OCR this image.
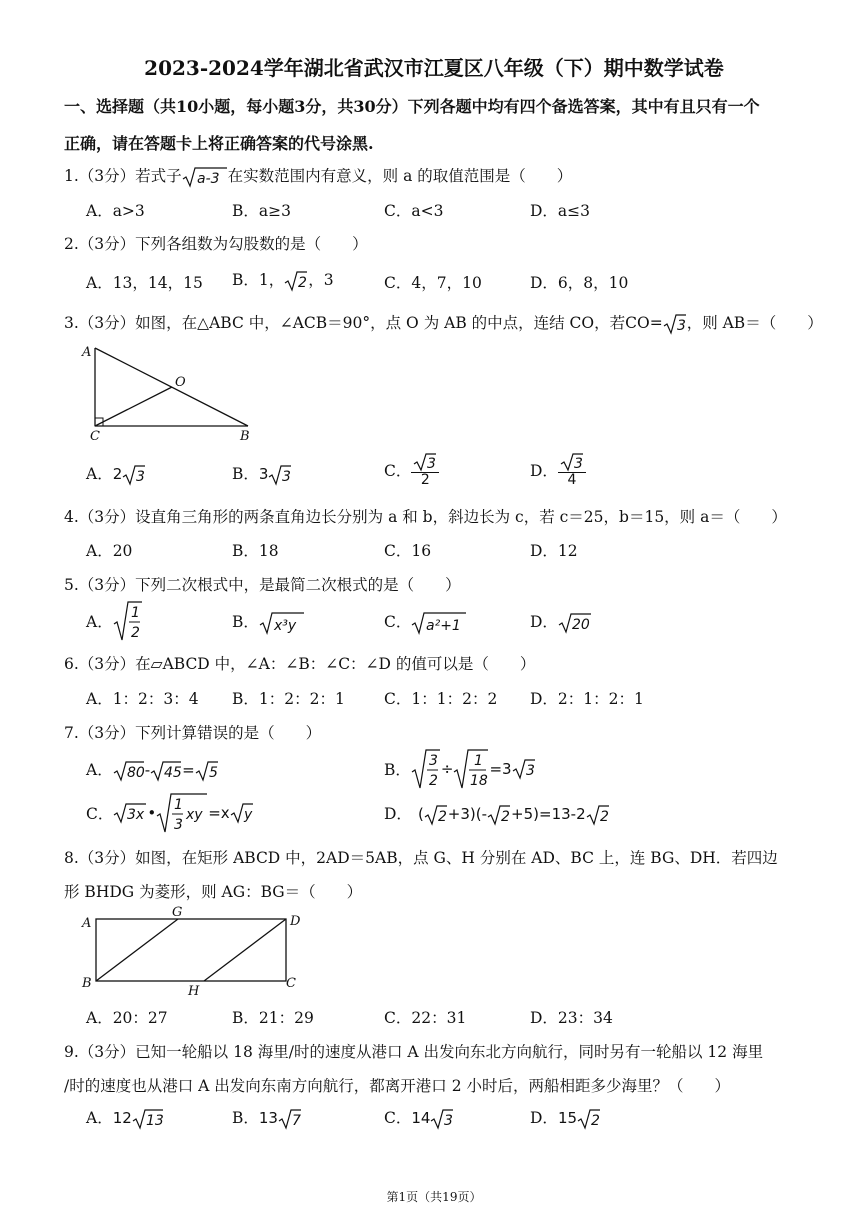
2023-2024学年湖北省武汉市江夏区八年级（下）期中数学试卷
一、选择题（共10小题，每小题3分，共30分）下列各题中均有四个备选答案，其中有且只有一个
正确，请在答题卡上将正确答案的代号涂黑.
1.（3分）若式子 a-3 在实数范围内有意义，则 a 的取值范围是（　　）
A．a>3	B．a≥3	C．a<3	D．a≤3
2.（3分）下列各组数为勾股数的是（　　）
A．13，14，15 B．1， 2 ，3	C．4，7，10	D．6，8，10
3.（3分）如图，在△ABC 中，∠ACB＝90°，点 O 为 AB 的中点，连结 CO，若CO= 3 ，则 AB＝（　　）
A
O
C	B
A．2 3	B．3 3	C． $\frac{3}{2}$	D． $\frac{3}{4}$
4.（3分）设直角三角形的两条直角边长分别为 a 和 b，斜边长为 c，若 c＝25，b＝15，则 a＝（　　）
A．20	B．18	C．16	D．12
5.（3分）下列二次根式中，是最简二次根式的是（　　）
A． 1
2
B． x³y	C． a²+1	D． 20
6.（3分）在▱ABCD 中，∠A：∠B：∠C：∠D 的值可以是（　　）
A．1：2：3：4 B．1：2：2：1	C．1：1：2：2 D．2：1：2：1
7.（3分）下列计算错误的是（　　）
A． 80 - 45 = 5	B． 3
2
÷ 1
18
=3 3
C． 3x • 1
3
xy =x y	D． ( 2 +3)(- 2 +5)=13-2 2
8.（3分）如图，在矩形 ABCD 中，2AD＝5AB，点 G、H 分别在 AD、BC 上，连 BG、DH．若四边
形 BHDG 为菱形，则 AG：BG＝（　　）
A
G
D
B
H
C
A．20：27	B．21：29	C．22：31	D．23：34
9.（3分）已知一轮船以 18 海里/时的速度从港口 A 出发向东北方向航行，同时另有一轮船以 12 海里
/时的速度也从港口 A 出发向东南方向航行，都离开港口 2 小时后，两船相距多少海里？（　　）
A．12 13	B．13 7	C．14 3	D．15 2
第1页（共19页）
